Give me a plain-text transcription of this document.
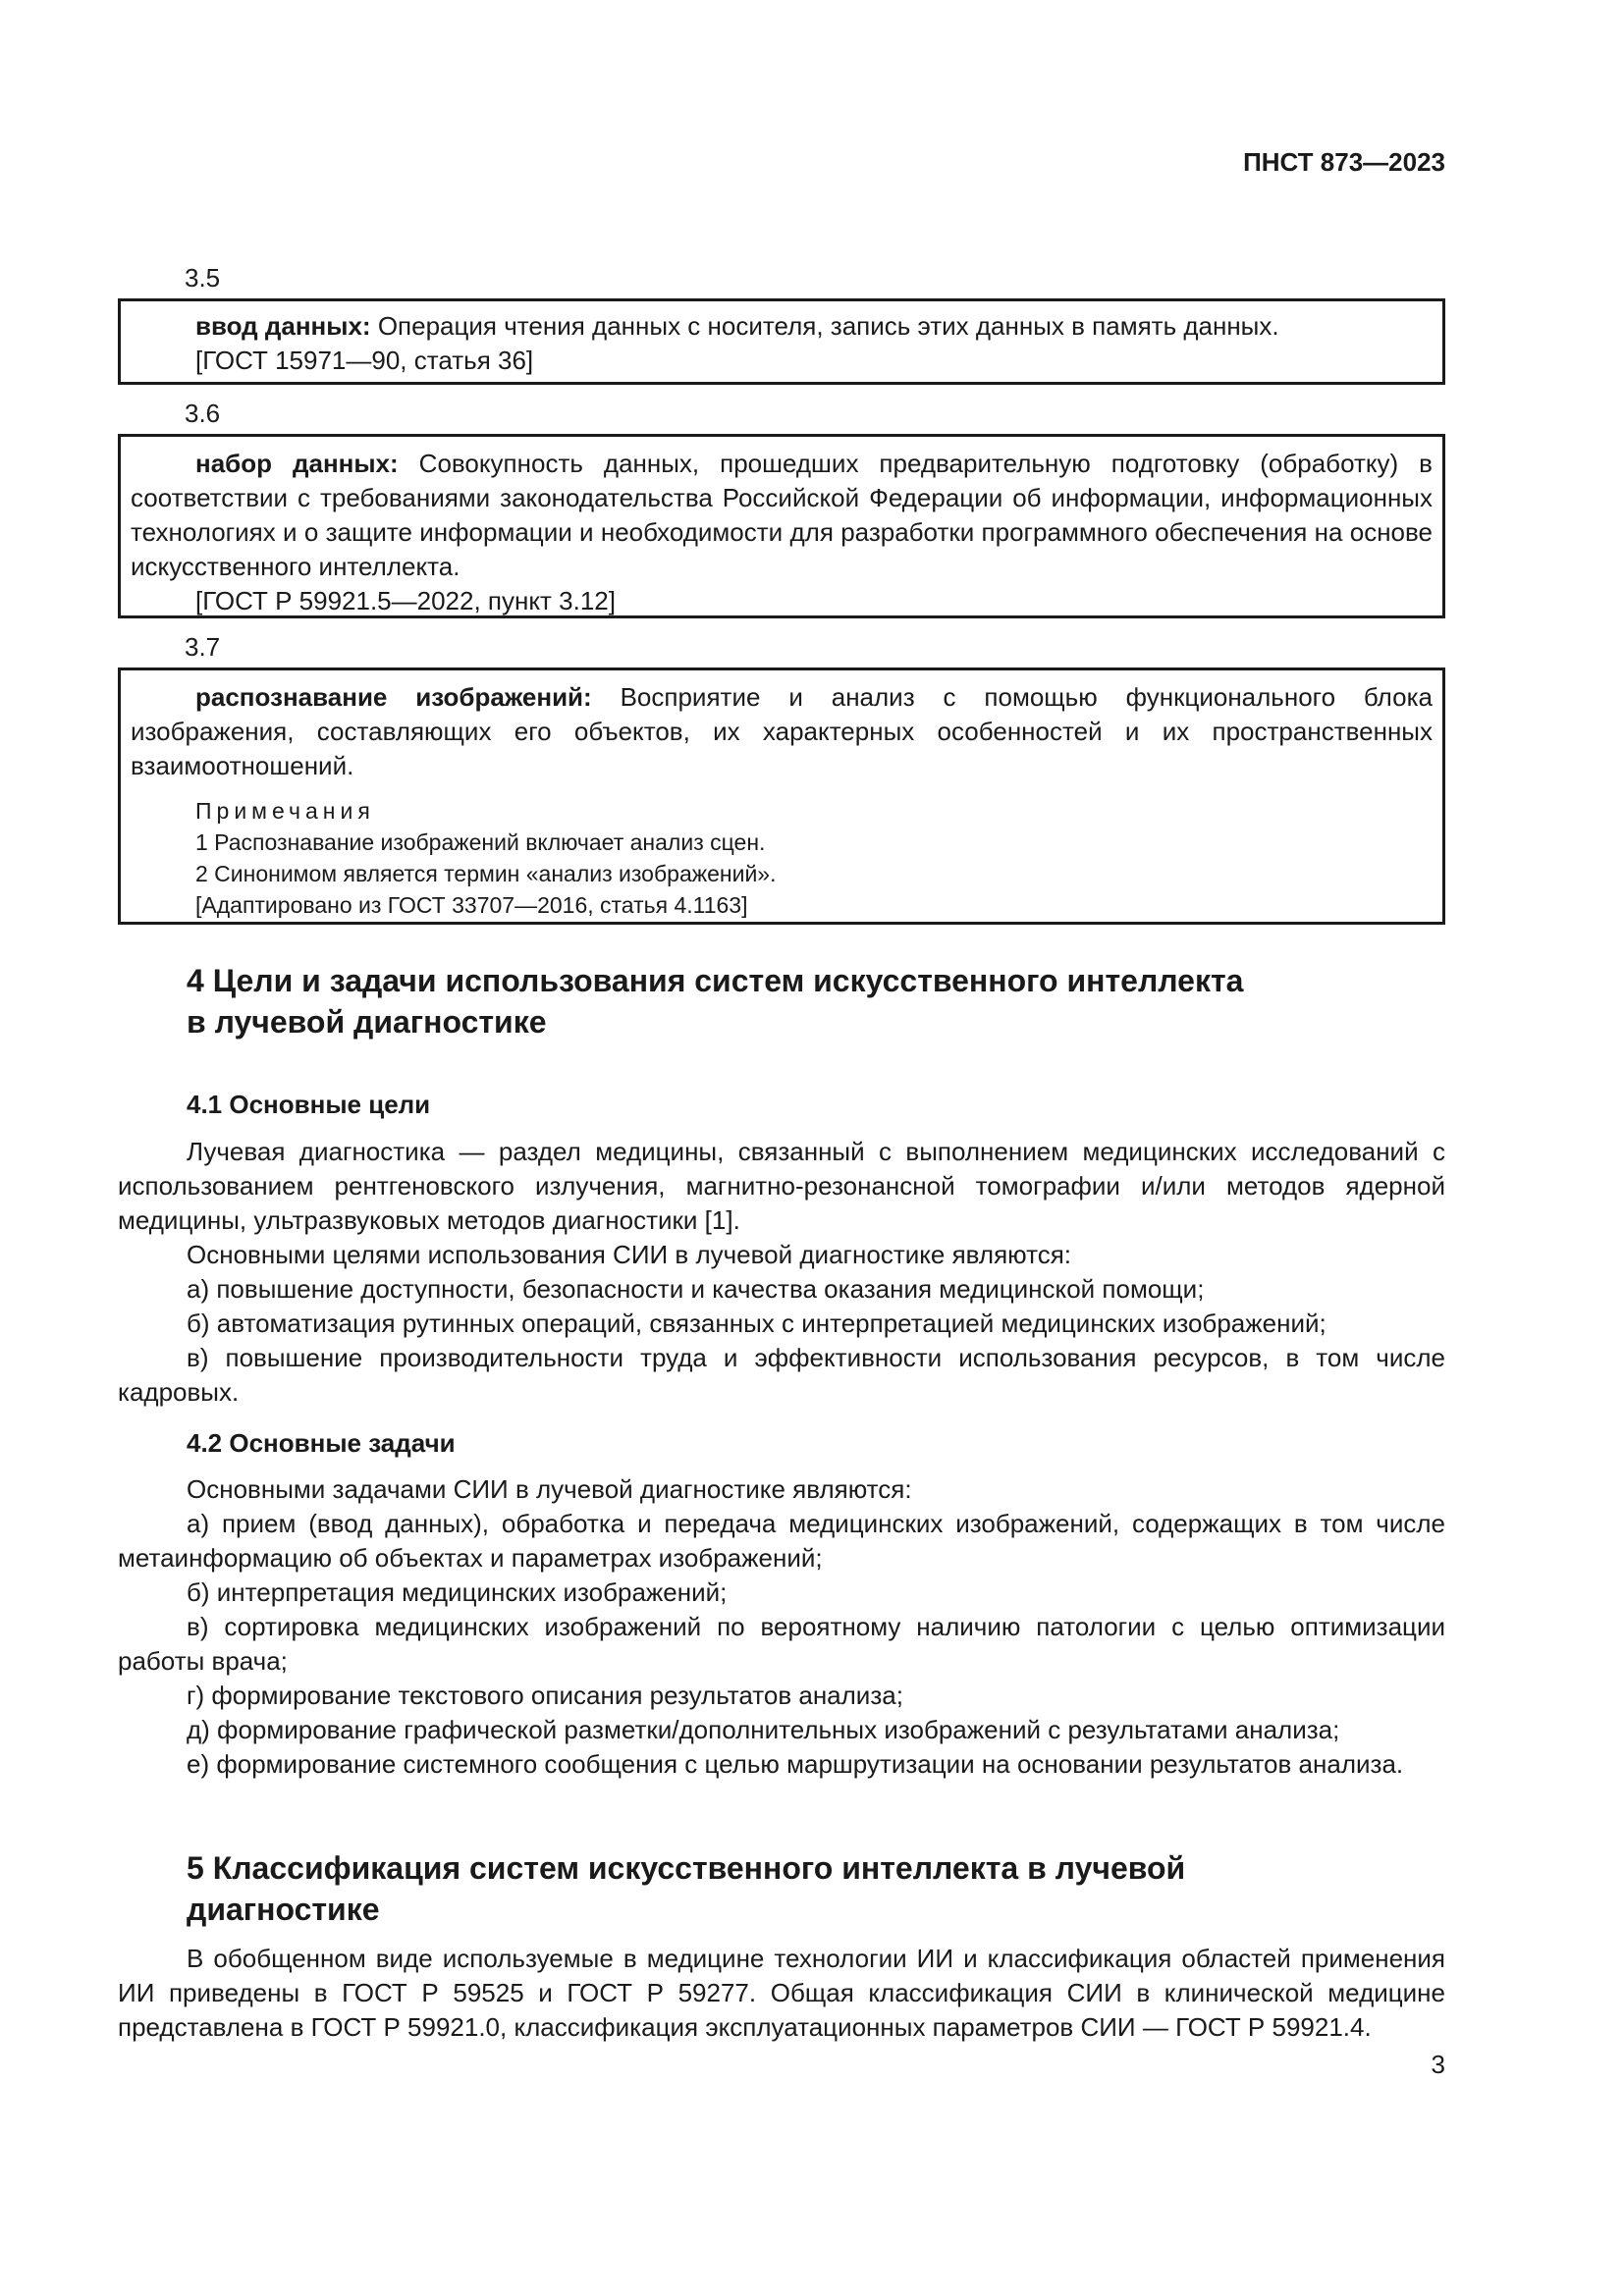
ПНСТ 873—2023
3.5

ввод данных: Операция чтения данных с носителя, запись этих данных в память данных.

[ГОСТ 15971—90, статья 36]

3.6

набор данных: Совокупность данных, прошедших предварительную подготовку (обработку) в соответствии с требованиями законодательства Российской Федерации об информации, информационных технологиях и о защите информации и необходимости для разработки программного обеспечения на основе искусственного интеллекта.

[ГОСТ Р 59921.5—2022, пункт 3.12]

3.7

распознавание изображений: Восприятие и анализ с помощью функционального блока изображения, составляющих его объектов, их характерных особенностей и их пространственных взаимоотношений.

Примечания
1 Распознавание изображений включает анализ сцен.
2 Синонимом является термин «анализ изображений».
[Адаптировано из ГОСТ 33707―2016, статья 4.1163]
4 Цели и задачи использования систем искусственного интеллекта
в лучевой диагностике
4.1 Основные цели

Лучевая диагностика — раздел медицины, связанный с выполнением медицинских исследований с использованием рентгеновского излучения, магнитно-резонансной томографии и/или методов ядерной медицины, ультразвуковых методов диагностики [1].

Основными целями использования СИИ в лучевой диагностике являются:

а) повышение доступности, безопасности и качества оказания медицинской помощи;

б) автоматизация рутинных операций, связанных с интерпретацией медицинских изображений;

в) повышение производительности труда и эффективности использования ресурсов, в том числе кадровых.

4.2 Основные задачи

Основными задачами СИИ в лучевой диагностике являются:

а) прием (ввод данных), обработка и передача медицинских изображений, содержащих в том числе метаинформацию об объектах и параметрах изображений;

б) интерпретация медицинских изображений;

в) сортировка медицинских изображений по вероятному наличию патологии с целью оптимизации работы врача;

г) формирование текстового описания результатов анализа;

д) формирование графической разметки/дополнительных изображений с результатами анализа;

е) формирование системного сообщения с целью маршрутизации на основании результатов анализа.

5 Классификация систем искусственного интеллекта в лучевой
диагностике

В обобщенном виде используемые в медицине технологии ИИ и классификация областей применения ИИ приведены в ГОСТ Р 59525 и ГОСТ Р 59277. Общая классификация СИИ в клинической медицине представлена в ГОСТ Р 59921.0, классификация эксплуатационных параметров СИИ — ГОСТ Р 59921.4.

3
